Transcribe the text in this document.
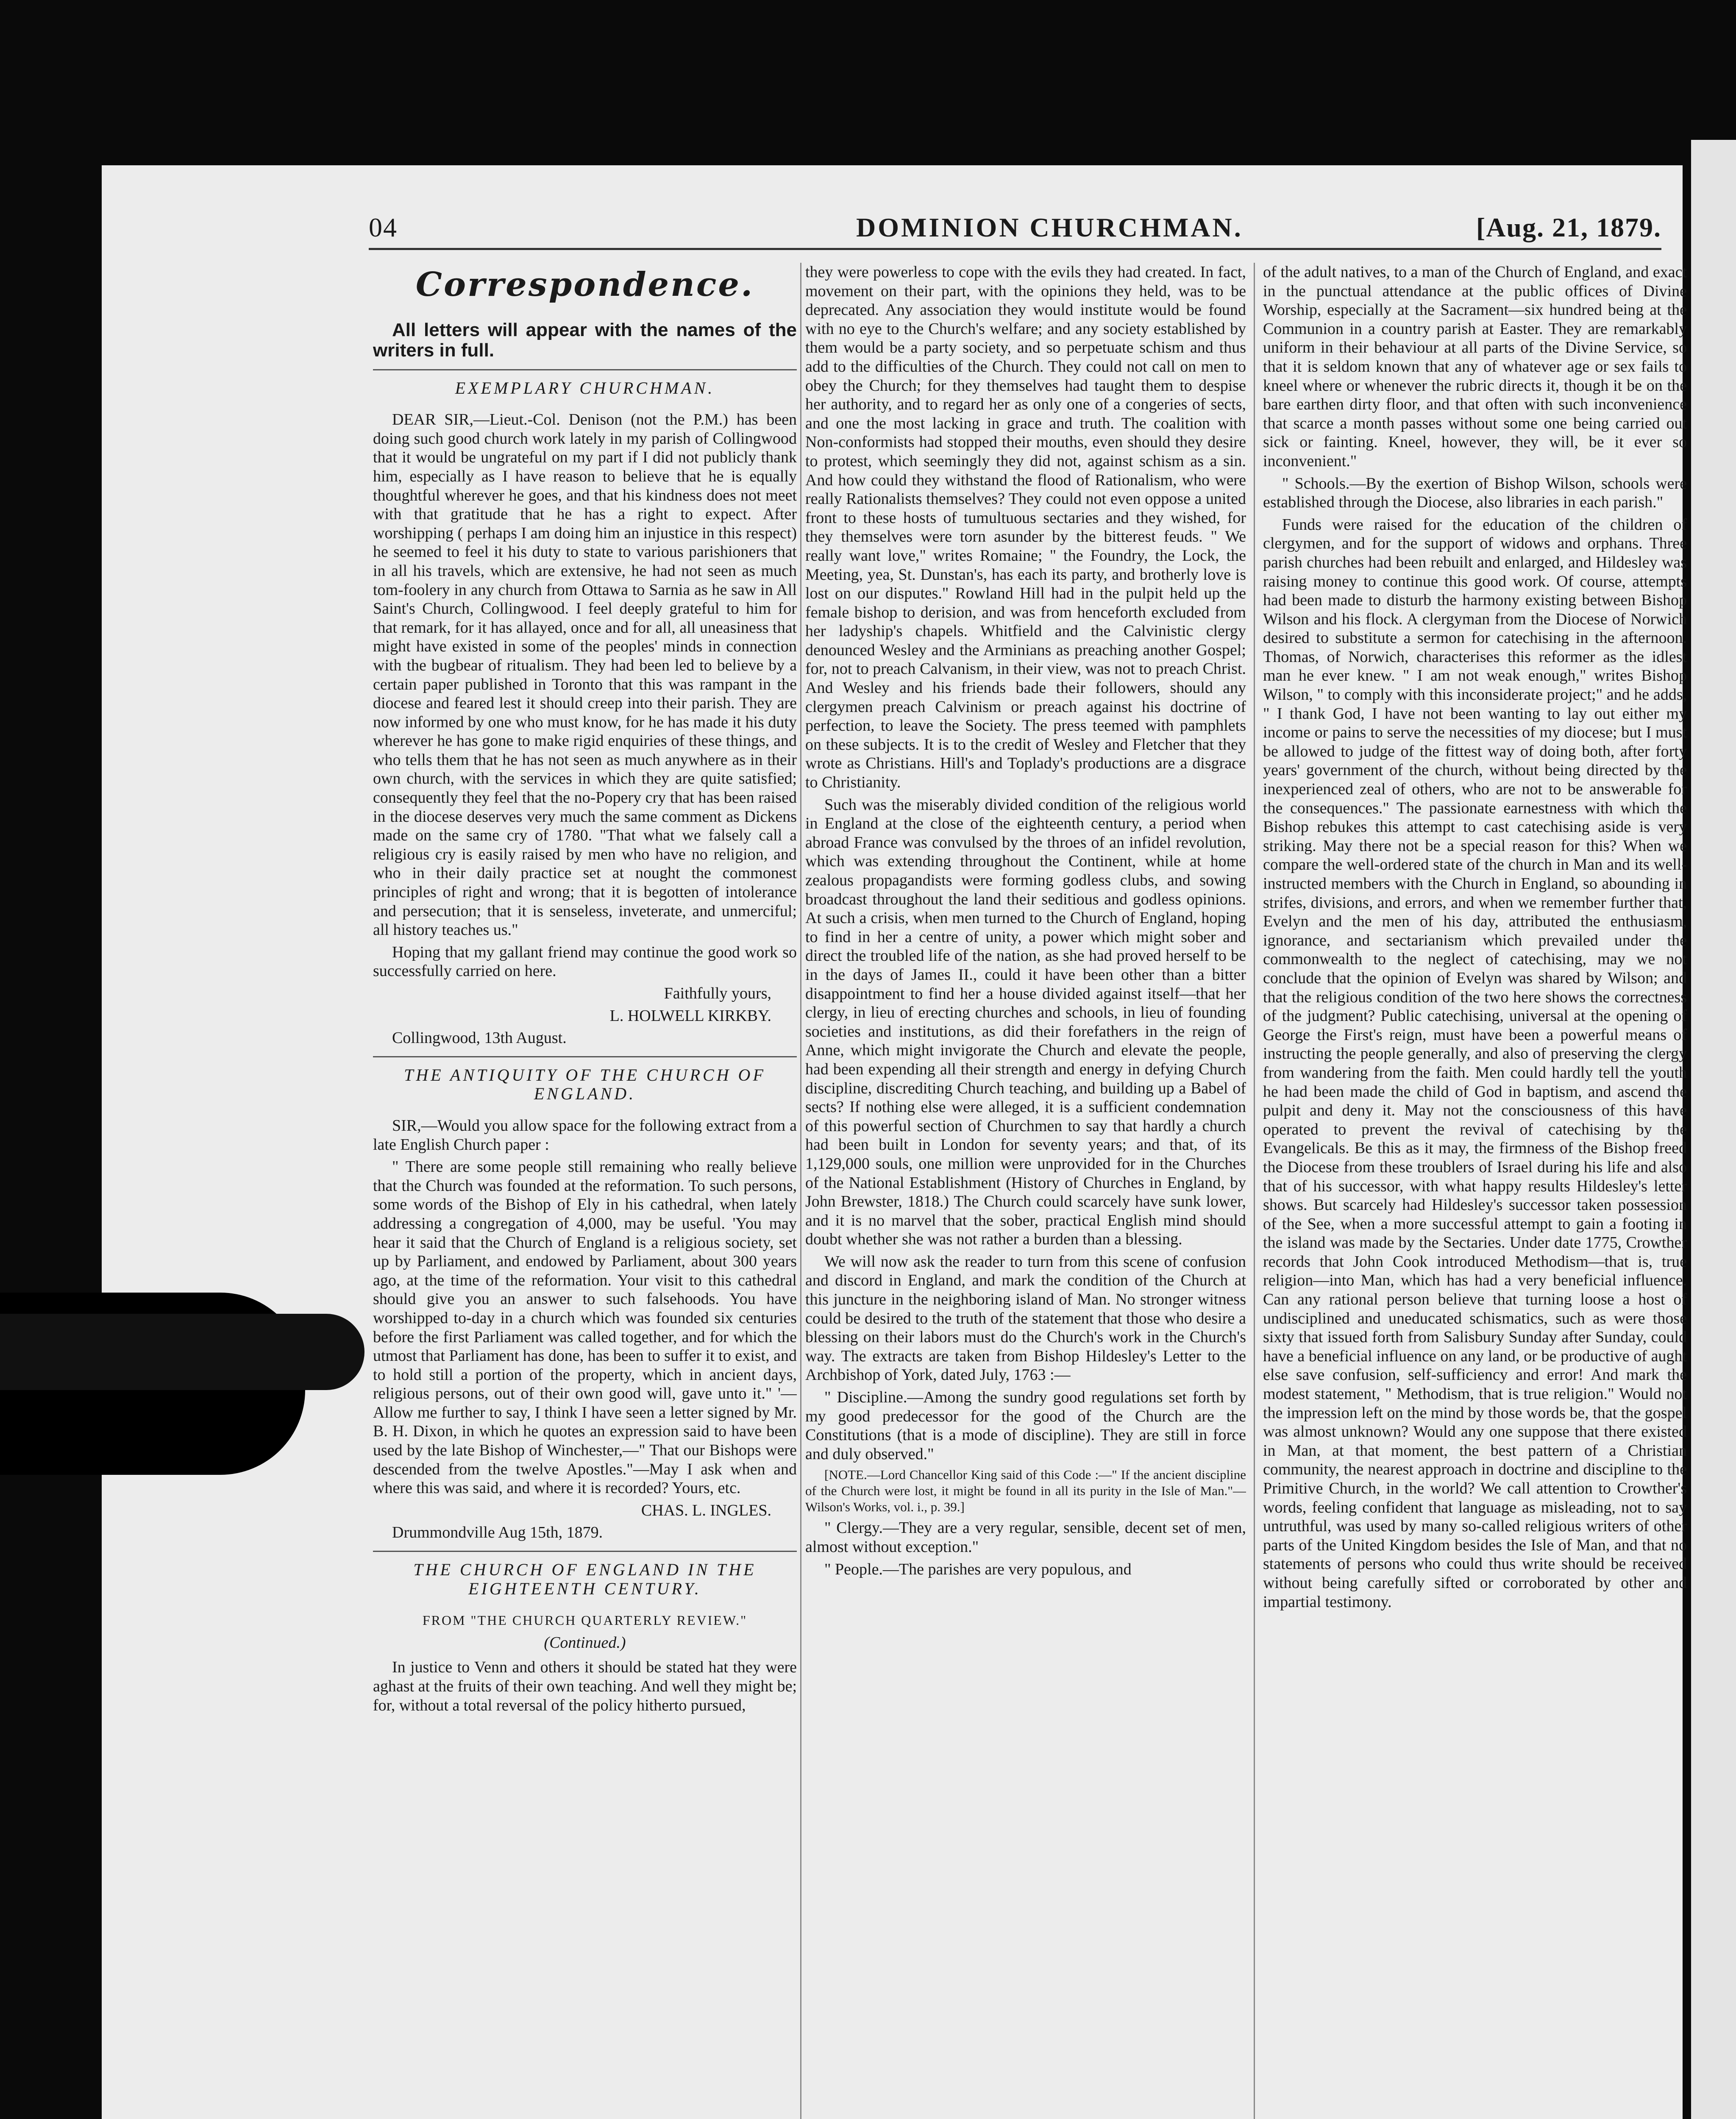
04	DOMINION CHURCHMAN.	[Aug. 21, 1879.
Correspondence.
All letters will appear with the names of the writers in full.
EXEMPLARY CHURCHMAN.

DEAR SIR,—Lieut.-Col. Denison (not the P.M.) has been doing such good church work lately in my parish of Collingwood that it would be ungrateful on my part if I did not publicly thank him, especially as I have reason to believe that he is equally thoughtful wherever he goes, and that his kindness does not meet with that gratitude that he has a right to expect. After worshipping ( perhaps I am doing him an injustice in this respect) he seemed to feel it his duty to state to various parishioners that in all his travels, which are extensive, he had not seen as much tom-foolery in any church from Ottawa to Sarnia as he saw in All Saint's Church, Collingwood. I feel deeply grateful to him for that remark, for it has allayed, once and for all, all uneasiness that might have existed in some of the peoples' minds in connection with the bugbear of ritualism. They had been led to believe by a certain paper published in Toronto that this was rampant in the diocese and feared lest it should creep into their parish. They are now informed by one who must know, for he has made it his duty wherever he has gone to make rigid enquiries of these things, and who tells them that he has not seen as much anywhere as in their own church, with the services in which they are quite satisfied; consequently they feel that the no-Popery cry that has been raised in the diocese deserves very much the same comment as Dickens made on the same cry of 1780. "That what we falsely call a religious cry is easily raised by men who have no religion, and who in their daily practice set at nought the commonest principles of right and wrong; that it is begotten of intolerance and persecution; that it is senseless, inveterate, and unmerciful; all history teaches us."

Hoping that my gallant friend may continue the good work so successfully carried on here.

Faithfully yours,

L. HOLWELL KIRKBY.

Collingwood, 13th August.

THE ANTIQUITY OF THE CHURCH OF ENGLAND.

SIR,—Would you allow space for the following extract from a late English Church paper :

" There are some people still remaining who really believe that the Church was founded at the reformation. To such persons, some words of the Bishop of Ely in his cathedral, when lately addressing a congregation of 4,000, may be useful. 'You may hear it said that the Church of England is a religious society, set up by Parliament, and endowed by Parliament, about 300 years ago, at the time of the reformation. Your visit to this cathedral should give you an answer to such falsehoods. You have worshipped to-day in a church which was founded six centuries before the first Parliament was called together, and for which the utmost that Parliament has done, has been to suffer it to exist, and to hold still a portion of the property, which in ancient days, religious persons, out of their own good will, gave unto it." '—Allow me further to say, I think I have seen a letter signed by Mr. B. H. Dixon, in which he quotes an expression said to have been used by the late Bishop of Winchester,—" That our Bishops were descended from the twelve Apostles."—May I ask when and where this was said, and where it is recorded? Yours, etc.

CHAS. L. INGLES.

Drummondville Aug 15th, 1879.

THE CHURCH OF ENGLAND IN THE EIGHTEENTH CENTURY.

FROM "THE CHURCH QUARTERLY REVIEW."

(Continued.)

In justice to Venn and others it should be stated hat they were aghast at the fruits of their own teaching. And well they might be; for, without a total reversal of the policy hitherto pursued,

they were powerless to cope with the evils they had created. In fact, movement on their part, with the opinions they held, was to be deprecated. Any association they would institute would be found with no eye to the Church's welfare; and any society established by them would be a party society, and so perpetuate schism and thus add to the difficulties of the Church. They could not call on men to obey the Church; for they themselves had taught them to despise her authority, and to regard her as only one of a congeries of sects, and one the most lacking in grace and truth. The coalition with Non-conformists had stopped their mouths, even should they desire to protest, which seemingly they did not, against schism as a sin. And how could they withstand the flood of Rationalism, who were really Rationalists themselves? They could not even oppose a united front to these hosts of tumultuous sectaries and they wished, for they themselves were torn asunder by the bitterest feuds. " We really want love," writes Romaine; " the Foundry, the Lock, the Meeting, yea, St. Dunstan's, has each its party, and brotherly love is lost on our disputes." Rowland Hill had in the pulpit held up the female bishop to derision, and was from henceforth excluded from her ladyship's chapels. Whitfield and the Calvinistic clergy denounced Wesley and the Arminians as preaching another Gospel; for, not to preach Calvanism, in their view, was not to preach Christ. And Wesley and his friends bade their followers, should any clergymen preach Calvinism or preach against his doctrine of perfection, to leave the Society. The press teemed with pamphlets on these subjects. It is to the credit of Wesley and Fletcher that they wrote as Christians. Hill's and Toplady's productions are a disgrace to Christianity.

Such was the miserably divided condition of the religious world in England at the close of the eighteenth century, a period when abroad France was convulsed by the throes of an infidel revolution, which was extending throughout the Continent, while at home zealous propagandists were forming godless clubs, and sowing broadcast throughout the land their seditious and godless opinions. At such a crisis, when men turned to the Church of England, hoping to find in her a centre of unity, a power which might sober and direct the troubled life of the nation, as she had proved herself to be in the days of James II., could it have been other than a bitter disappointment to find her a house divided against itself—that her clergy, in lieu of erecting churches and schools, in lieu of founding societies and institutions, as did their forefathers in the reign of Anne, which might invigorate the Church and elevate the people, had been expending all their strength and energy in defying Church discipline, discrediting Church teaching, and building up a Babel of sects? If nothing else were alleged, it is a sufficient condemnation of this powerful section of Churchmen to say that hardly a church had been built in London for seventy years; and that, of its 1,129,000 souls, one million were unprovided for in the Churches of the National Establishment (History of Churches in England, by John Brewster, 1818.) The Church could scarcely have sunk lower, and it is no marvel that the sober, practical English mind should doubt whether she was not rather a burden than a blessing.

We will now ask the reader to turn from this scene of confusion and discord in England, and mark the condition of the Church at this juncture in the neighboring island of Man. No stronger witness could be desired to the truth of the statement that those who desire a blessing on their labors must do the Church's work in the Church's way. The extracts are taken from Bishop Hildesley's Letter to the Archbishop of York, dated July, 1763 :—

" Discipline.—Among the sundry good regulations set forth by my good predecessor for the good of the Church are the Constitutions (that is a mode of discipline). They are still in force and duly observed."

[NOTE.—Lord Chancellor King said of this Code :—" If the ancient discipline of the Church were lost, it might be found in all its purity in the Isle of Man."—Wilson's Works, vol. i., p. 39.]

" Clergy.—They are a very regular, sensible, decent set of men, almost without exception."

" People.—The parishes are very populous, and

of the adult natives, to a man of the Church of England, and exact in the punctual attendance at the public offices of Divine Worship, especially at the Sacrament—six hundred being at the Communion in a country parish at Easter. They are remarkably uniform in their behaviour at all parts of the Divine Service, so that it is seldom known that any of whatever age or sex fails to kneel where or whenever the rubric directs it, though it be on the bare earthen dirty floor, and that often with such inconvenience that scarce a month passes without some one being carried out sick or fainting. Kneel, however, they will, be it ever so inconvenient."

" Schools.—By the exertion of Bishop Wilson, schools were established through the Diocese, also libraries in each parish."

Funds were raised for the education of the children of clergymen, and for the support of widows and orphans. Three parish churches had been rebuilt and enlarged, and Hildesley was raising money to continue this good work. Of course, attempts had been made to disturb the harmony existing between Bishop Wilson and his flock. A clergyman from the Diocese of Norwich desired to substitute a sermon for catechising in the afternoon. Thomas, of Norwich, characterises this reformer as the idlest man he ever knew. " I am not weak enough," writes Bishop Wilson, " to comply with this inconsiderate project;" and he adds, " I thank God, I have not been wanting to lay out either my income or pains to serve the necessities of my diocese; but I must be allowed to judge of the fittest way of doing both, after forty years' government of the church, without being directed by the inexperienced zeal of others, who are not to be answerable for the consequences." The passionate earnestness with which the Bishop rebukes this attempt to cast catechising aside is very striking. May there not be a special reason for this? When we compare the well-ordered state of the church in Man and its well-instructed members with the Church in England, so abounding in strifes, divisions, and errors, and when we remember further that, Evelyn and the men of his day, attributed the enthusiasm, ignorance, and sectarianism which prevailed under the commonwealth to the neglect of catechising, may we not conclude that the opinion of Evelyn was shared by Wilson; and that the religious condition of the two here shows the correctness of the judgment? Public catechising, universal at the opening of George the First's reign, must have been a powerful means of instructing the people generally, and also of preserving the clergy from wandering from the faith. Men could hardly tell the youth he had been made the child of God in baptism, and ascend the pulpit and deny it. May not the consciousness of this have operated to prevent the revival of catechising by the Evangelicals. Be this as it may, the firmness of the Bishop freed the Diocese from these troublers of Israel during his life and also that of his successor, with what happy results Hildesley's letter shows. But scarcely had Hildesley's successor taken possession of the See, when a more successful attempt to gain a footing in the island was made by the Sectaries. Under date 1775, Crowther records that John Cook introduced Methodism—that is, true religion—into Man, which has had a very beneficial influence. Can any rational person believe that turning loose a host of undisciplined and uneducated schismatics, such as were those sixty that issued forth from Salisbury Sunday after Sunday, could have a beneficial influence on any land, or be productive of aught else save confusion, self-sufficiency and error! And mark the modest statement, " Methodism, that is true religion." Would not the impression left on the mind by those words be, that the gospel was almost unknown? Would any one suppose that there existed in Man, at that moment, the best pattern of a Christian community, the nearest approach in doctrine and discipline to the Primitive Church, in the world? We call attention to Crowther's words, feeling confident that language as misleading, not to say untruthful, was used by many so-called religious writers of other parts of the United Kingdom besides the Isle of Man, and that no statements of persons who could thus write should be received without being carefully sifted or corroborated by other and impartial testimony.
